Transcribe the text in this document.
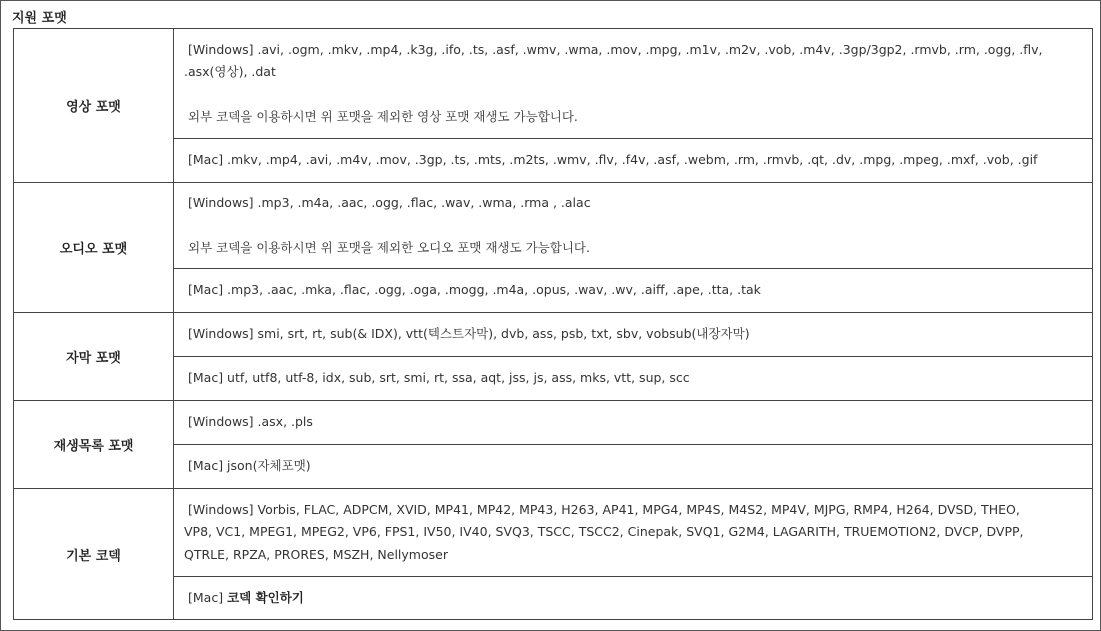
지원 포맷
영상 포맷	[Windows] .avi, .ogm, .mkv, .mp4, .k3g, .ifo, .ts, .asf, .wmv, .wma, .mov, .mpg, .m1v, .m2v, .vob, .m4v, .3gp/3gp2, .rmvb, .rm, .ogg, .flv,
.asx(영상), .dat
외부 코덱을 이용하시면 위 포맷을 제외한 영상 포맷 재생도 가능합니다.

	[Mac] .mkv, .mp4, .avi, .m4v, .mov, .3gp, .ts, .mts, .m2ts, .wmv, .flv, .f4v, .asf, .webm, .rm, .rmvb, .qt, .dv, .mpg, .mpeg, .mxf, .vob, .gif

오디오 포맷	[Windows] .mp3, .m4a, .aac, .ogg, .flac, .wav, .wma, .rma , .alac
외부 코덱을 이용하시면 위 포맷을 제외한 오디오 포맷 재생도 가능합니다.

	[Mac] .mp3, .aac, .mka, .flac, .ogg, .oga, .mogg, .m4a, .opus, .wav, .wv, .aiff, .ape, .tta, .tak

자막 포맷	[Windows] smi, srt, rt, sub(& IDX), vtt(텍스트자막), dvb, ass, psb, txt, sbv, vobsub(내장자막)

	[Mac] utf, utf8, utf-8, idx, sub, srt, smi, rt, ssa, aqt, jss, js, ass, mks, vtt, sup, scc

재생목록 포맷	[Windows] .asx, .pls

	[Mac] json(자체포맷)

기본 코덱	[Windows] Vorbis, FLAC, ADPCM, XVID, MP41, MP42, MP43, H263, AP41, MPG4, MP4S, M4S2, MP4V, MJPG, RMP4, H264, DVSD, THEO,
VP8, VC1, MPEG1, MPEG2, VP6, FPS1, IV50, IV40, SVQ3, TSCC, TSCC2, Cinepak, SVQ1, G2M4, LAGARITH, TRUEMOTION2, DVCP, DVPP,
QTRLE, RPZA, PRORES, MSZH, Nellymoser

	[Mac] 코덱 확인하기
